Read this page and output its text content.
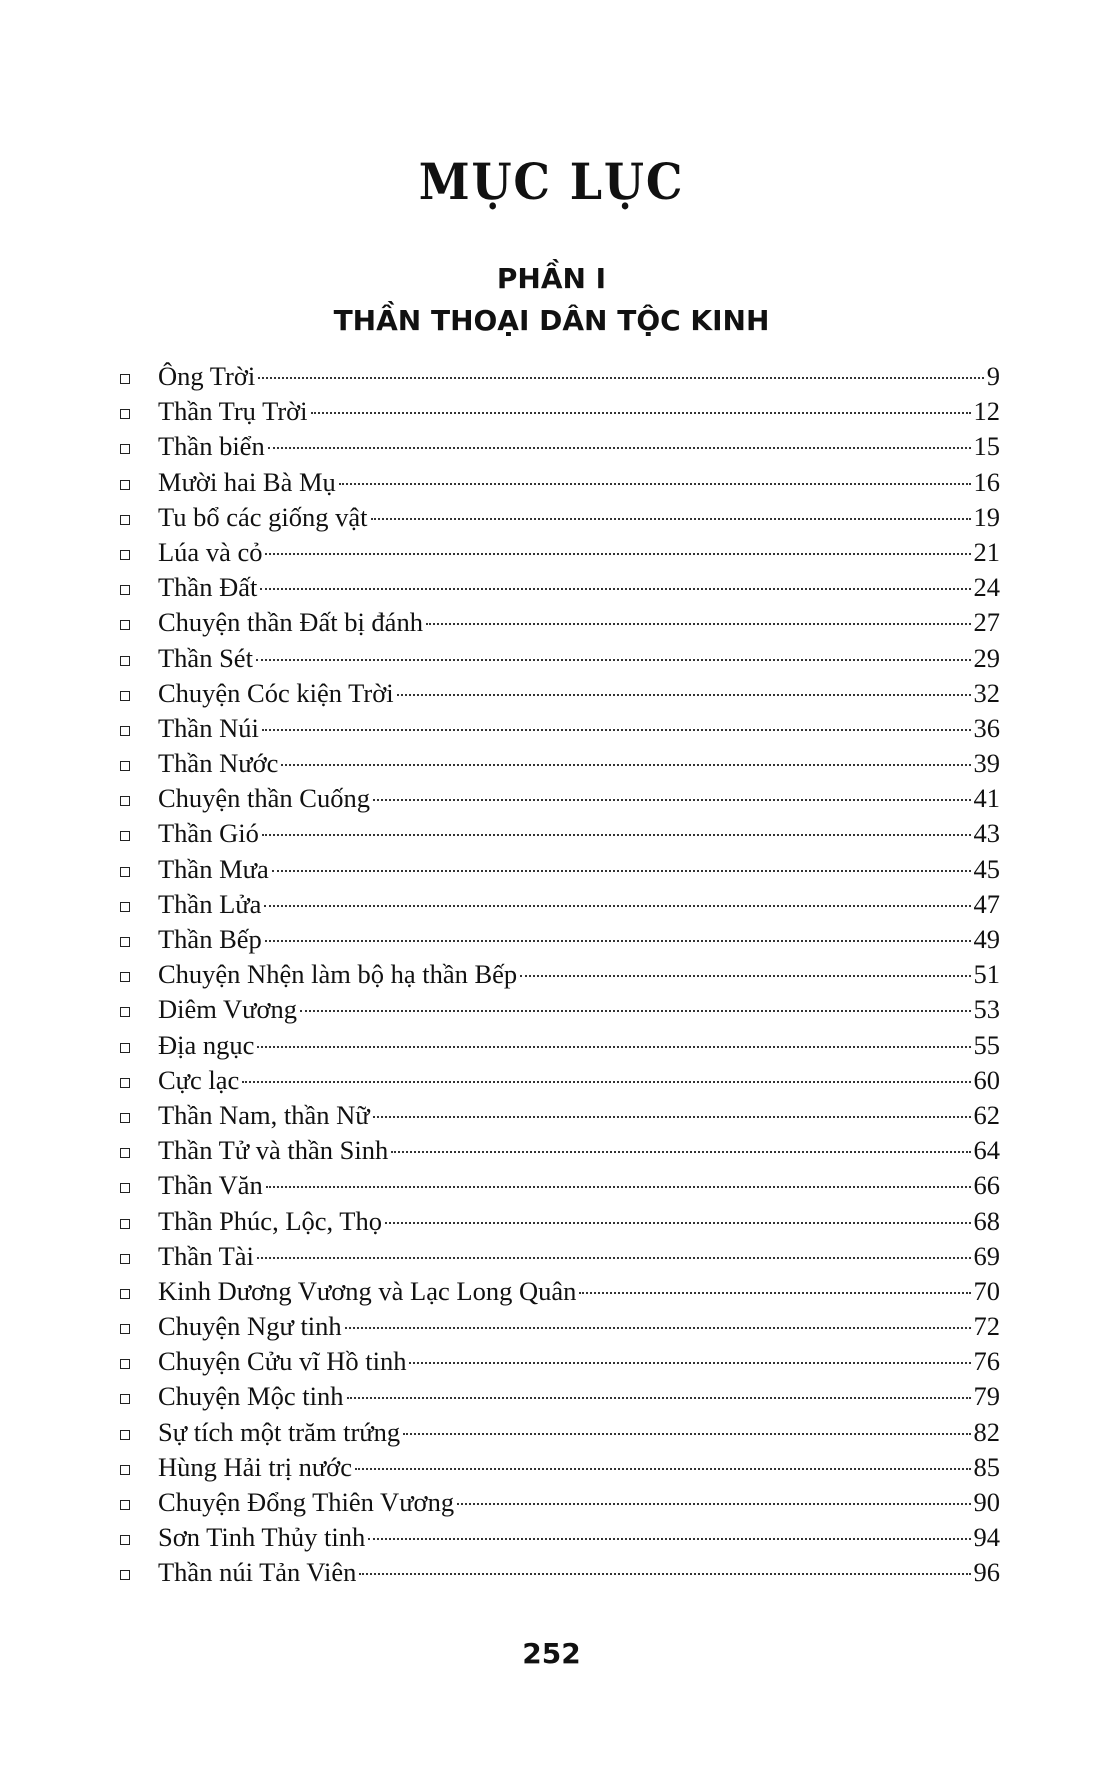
MỤC LỤC
PHẦN I
THẦN THOẠI DÂN TỘC KINH
Ông Trời	9
Thần Trụ Trời	12
Thần biển	15
Mười hai Bà Mụ	16
Tu bổ các giống vật	19
Lúa và cỏ	21
Thần Đất	24
Chuyện thần Đất bị đánh	27
Thần Sét	29
Chuyện Cóc kiện Trời	32
Thần Núi	36
Thần Nước	39
Chuyện thần Cuống	41
Thần Gió	43
Thần Mưa	45
Thần Lửa	47
Thần Bếp	49
Chuyện Nhện làm bộ hạ thần Bếp	51
Diêm Vương	53
Địa ngục	55
Cực lạc	60
Thần Nam, thần Nữ	62
Thần Tử và thần Sinh	64
Thần Văn	66
Thần Phúc, Lộc, Thọ	68
Thần Tài	69
Kinh Dương Vương và Lạc Long Quân	70
Chuyện Ngư tinh	72
Chuyện Cửu vĩ Hồ tinh	76
Chuyện Mộc tinh	79
Sự tích một trăm trứng	82
Hùng Hải trị nước	85
Chuyện Đổng Thiên Vương	90
Sơn Tinh Thủy tinh	94
Thần núi Tản Viên	96
252
